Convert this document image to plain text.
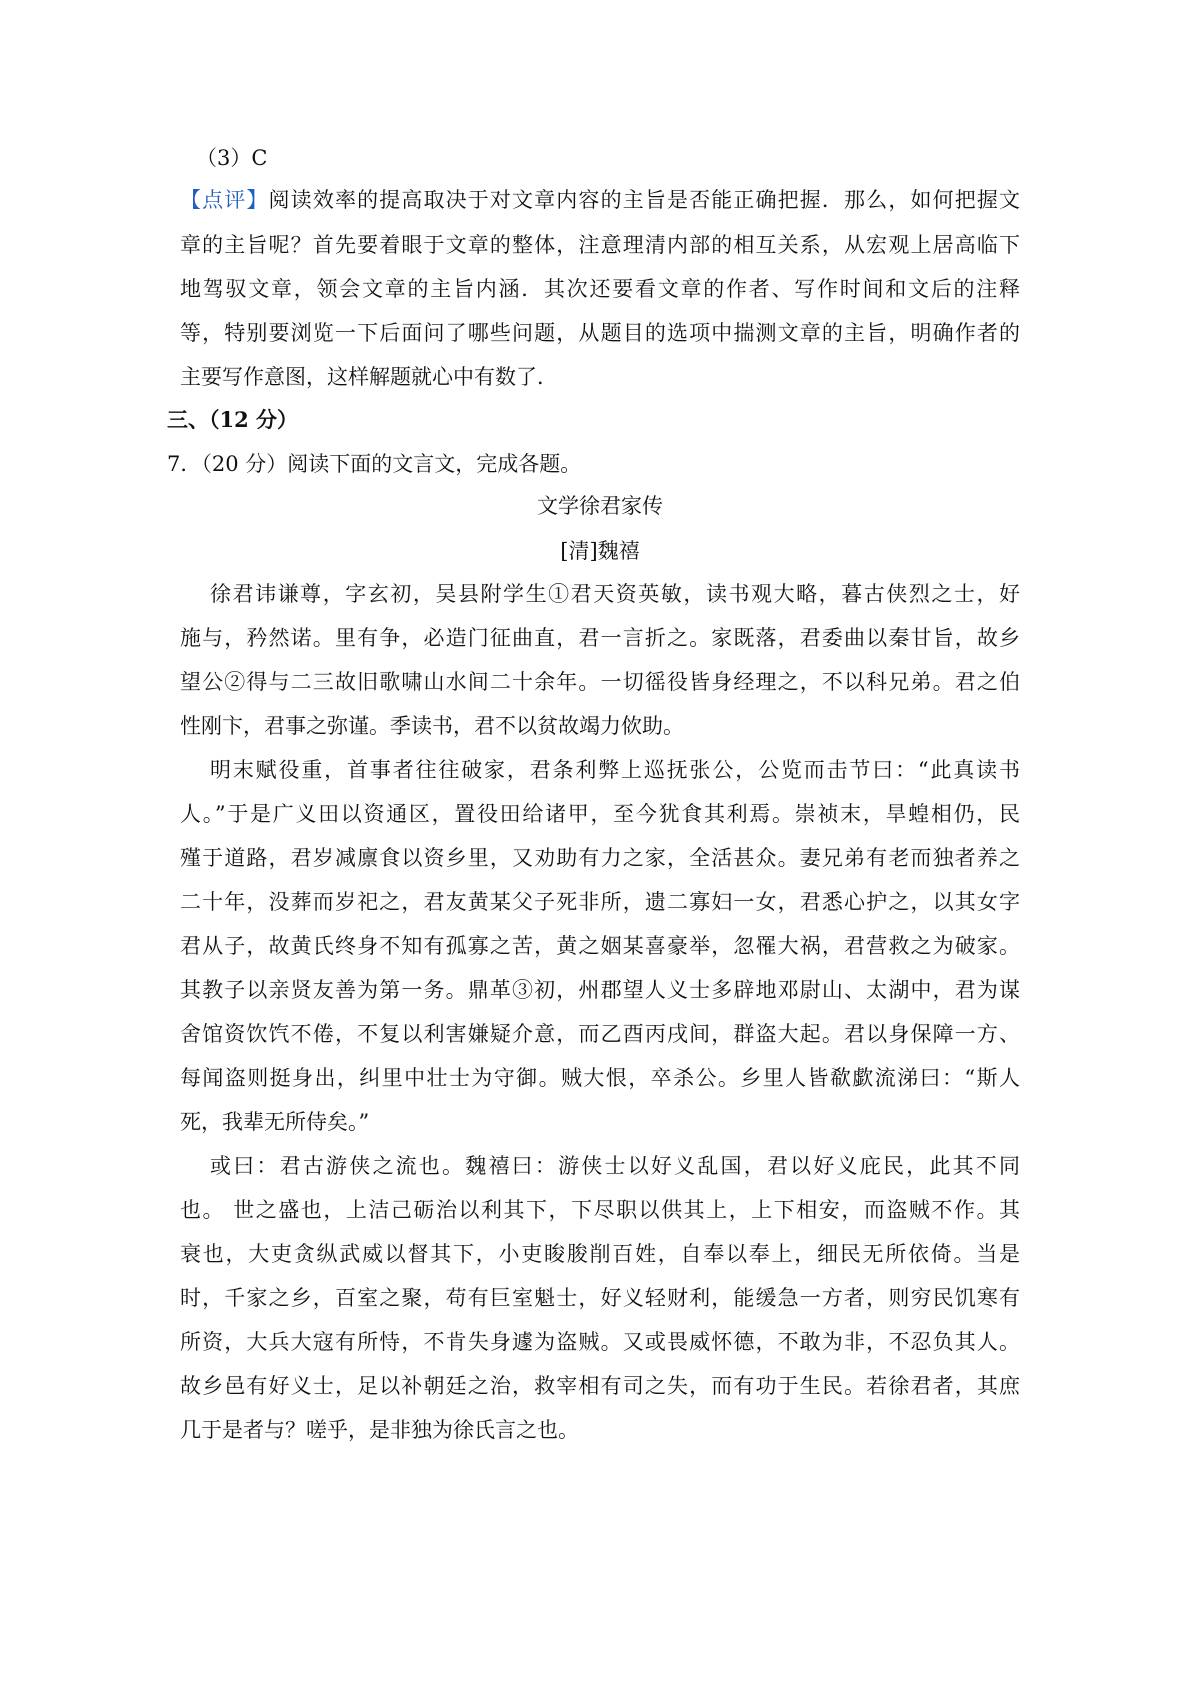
（3）C
【点评】阅读效率的提高取决于对文章内容的主旨是否能正确把握．那么，如何把握文
章的主旨呢？首先要着眼于文章的整体，注意理清内部的相互关系，从宏观上居高临下
地驾驭文章，领会文章的主旨内涵．其次还要看文章的作者、写作时间和文后的注释
等，特别要浏览一下后面问了哪些问题，从题目的选项中揣测文章的主旨，明确作者的
主要写作意图，这样解题就心中有数了．
三、（12 分）
7．（20 分）阅读下面的文言文，完成各题。
文学徐君家传
[清]魏禧
徐君讳谦尊，字玄初，吴县附学生①君天资英敏，读书观大略，暮古侠烈之士，好
施与，矜然诺。里有争，必造门征曲直，君一言折之。家既落，君委曲以秦甘旨，故乡
望公②得与二三故旧歌啸山水间二十余年。一切徭役皆身经理之，不以科兄弟。君之伯
性刚卞，君事之弥谨。季读书，君不以贫故竭力佽助。
明末赋役重，首事者往往破家，君条利弊上巡抚张公，公览而击节曰：“此真读书
人。”于是广义田以资通区，置役田给诸甲，至今犹食其利焉。崇祯末，旱蝗相仍，民
殣于道路，君岁减廪食以资乡里，又劝助有力之家，全活甚众。妻兄弟有老而独者养之
二十年，没葬而岁祀之，君友黄某父子死非所，遗二寡妇一女，君悉心护之，以其女字
君从子，故黄氏终身不知有孤寡之苦，黄之姻某喜豪举，忽罹大祸，君营救之为破家。
其教子以亲贤友善为第一务。鼎革③初，州郡望人义士多辟地邓尉山、太湖中，君为谋
舍馆资饮饩不倦，不复以利害嫌疑介意，而乙酉丙戌间，群盗大起。君以身保障一方、
每闻盗则挺身出，纠里中壮士为守御。贼大恨，卒杀公。乡里人皆欷歔流涕曰：“斯人
死，我辈无所侍矣。”
或曰：君古游侠之流也。魏禧曰：游侠士以好义乱国，君以好义庇民，此其不同
也。 世之盛也，上洁己砺治以利其下，下尽职以供其上，上下相安，而盗贼不作。其
衰也，大吏贪纵武威以督其下，小吏睃朘削百姓，自奉以奉上，细民无所依倚。当是
时，千家之乡，百室之聚，苟有巨室魁士，好义轻财利，能缓急一方者，则穷民饥寒有
所资，大兵大寇有所恃，不肯失身遽为盗贼。又或畏威怀德，不敢为非，不忍负其人。
故乡邑有好义士，足以补朝廷之治，救宰相有司之失，而有功于生民。若徐君者，其庶
几于是者与？嗟乎，是非独为徐氏言之也。
